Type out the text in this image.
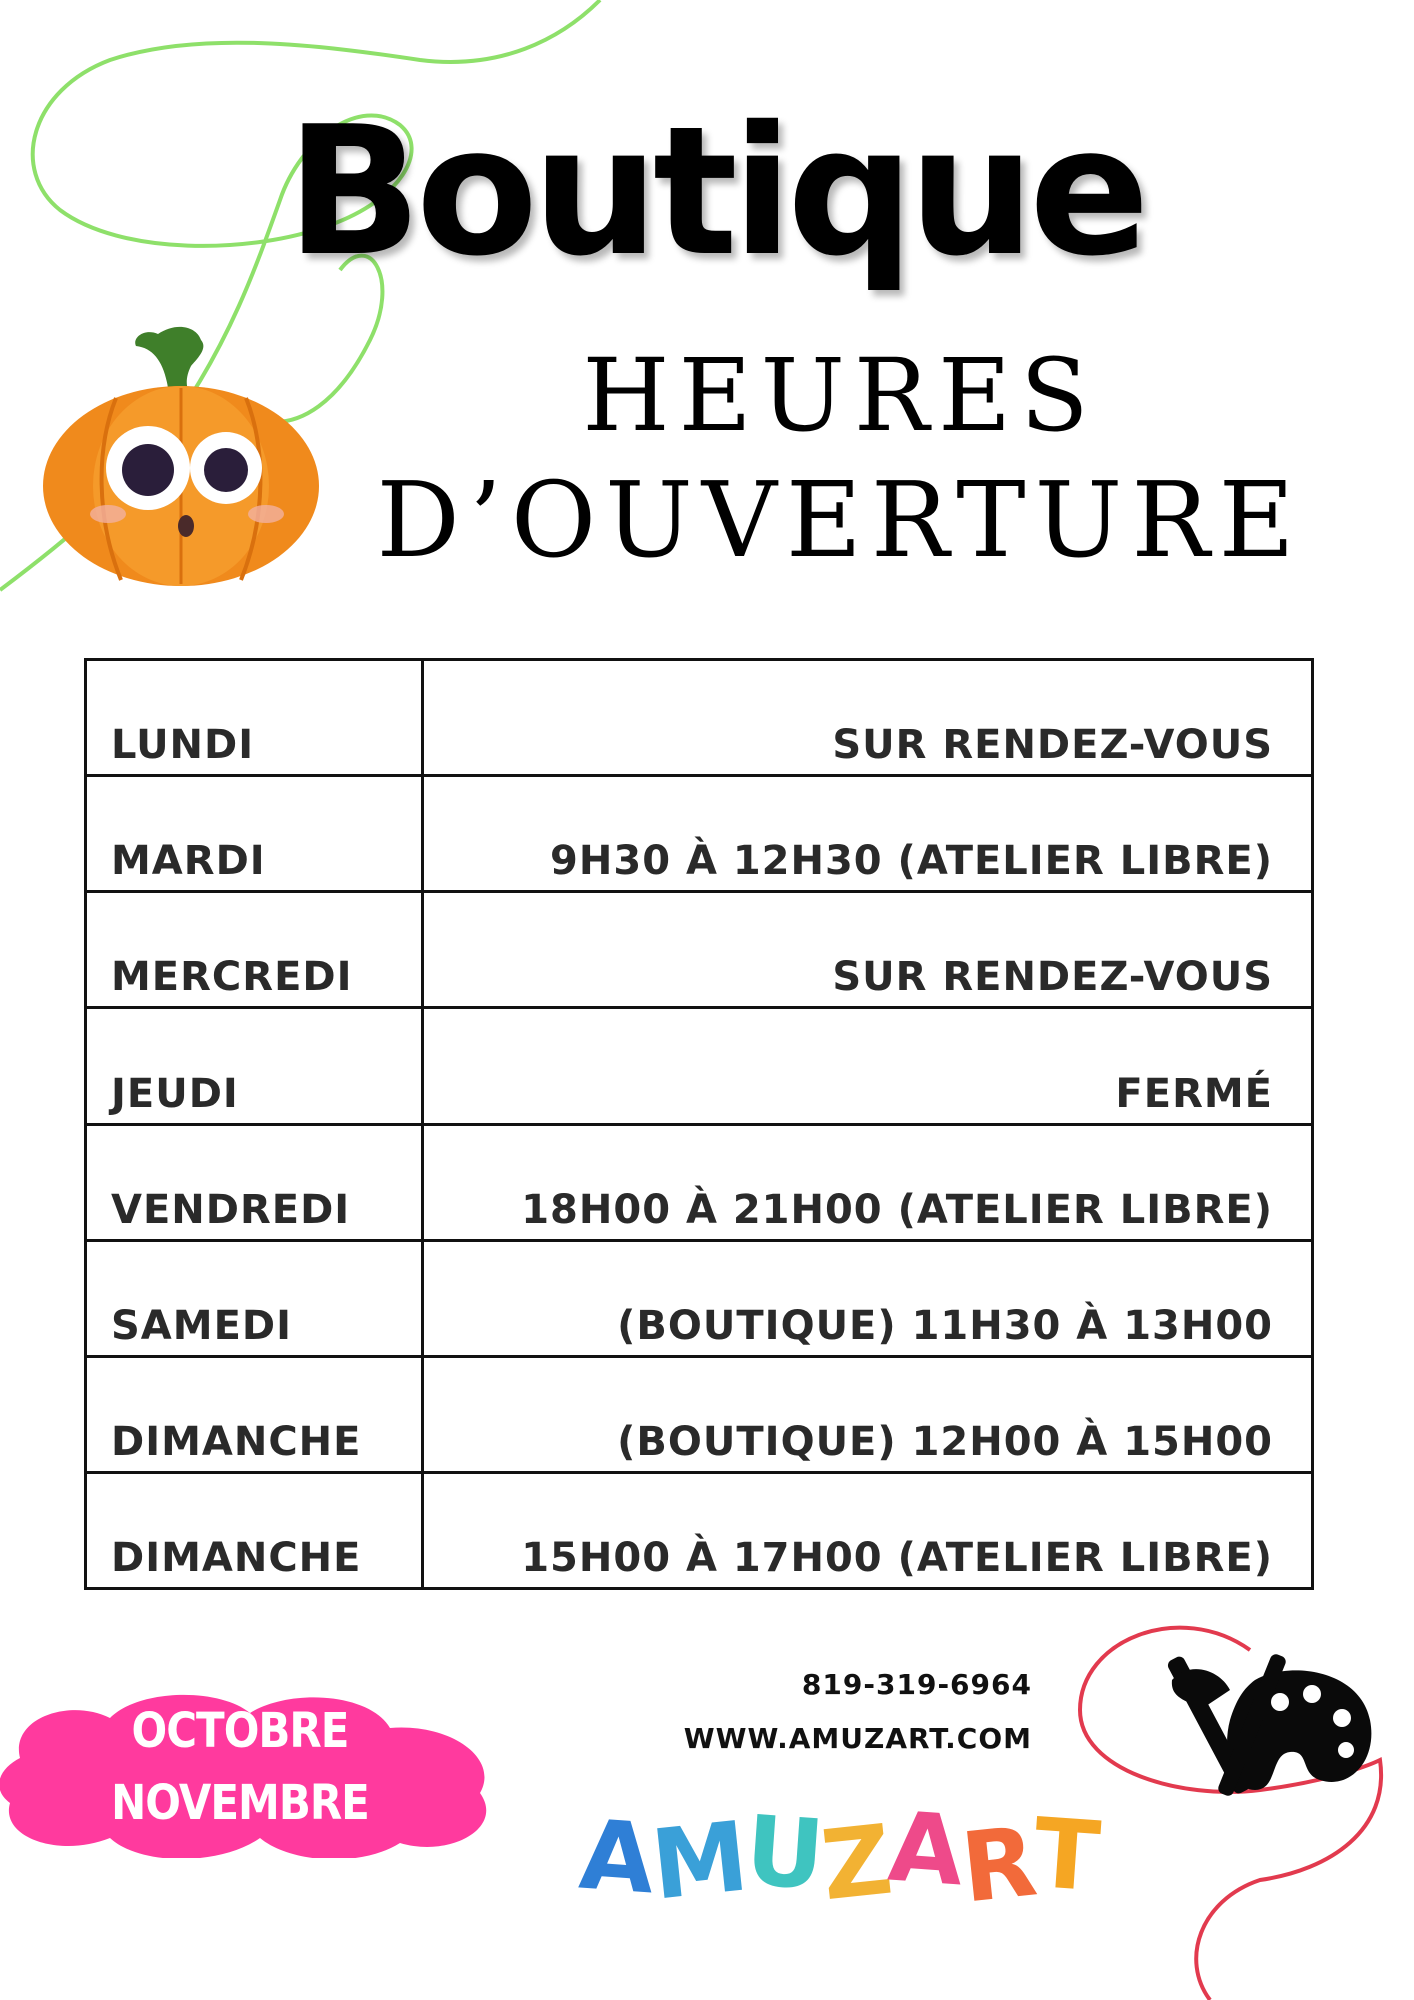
Boutique
HEURES
D’OUVERTURE
LUNDI	SUR RENDEZ-VOUS
MARDI	9H30 À 12H30 (ATELIER LIBRE)
MERCREDI	SUR RENDEZ-VOUS
JEUDI	FERMÉ
VENDREDI	18H00 À 21H00 (ATELIER LIBRE)
SAMEDI	(BOUTIQUE) 11H30 À 13H00
DIMANCHE	(BOUTIQUE) 12H00 À 15H00
DIMANCHE	15H00 À 17H00 (ATELIER LIBRE)
OCTOBRE
NOVEMBRE
819-319-6964
WWW.AMUZART.COM
AMUZART
